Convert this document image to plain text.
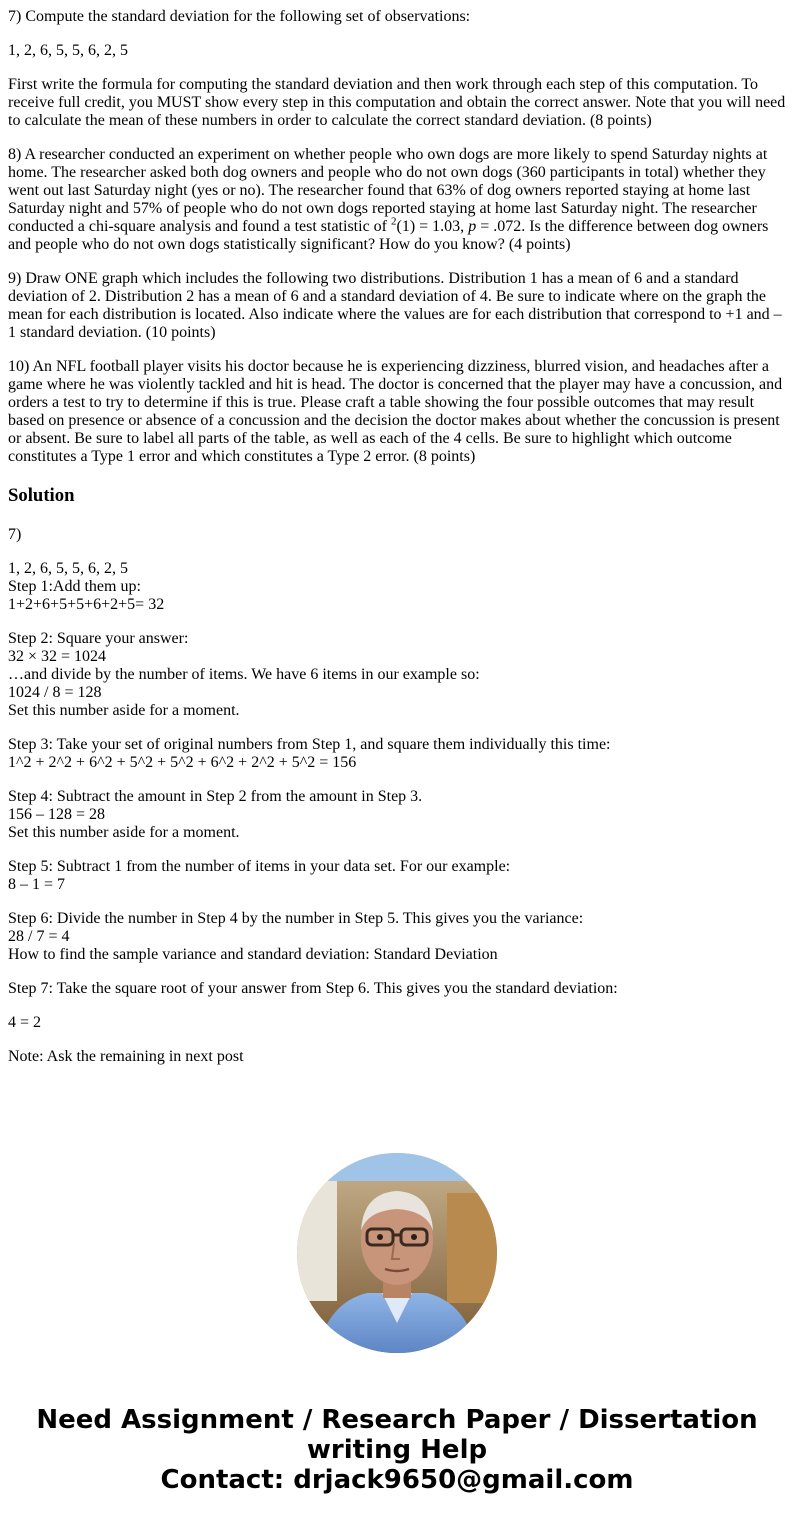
7) Compute the standard deviation for the following set of observations:

1, 2, 6, 5, 5, 6, 2, 5

First write the formula for computing the standard deviation and then work through each step of this computation. To receive full credit, you MUST show every step in this computation and obtain the correct answer. Note that you will need to calculate the mean of these numbers in order to calculate the correct standard deviation. (8 points)

8) A researcher conducted an experiment on whether people who own dogs are more likely to spend Saturday nights at home. The researcher asked both dog owners and people who do not own dogs (360 participants in total) whether they went out last Saturday night (yes or no). The researcher found that 63% of dog owners reported staying at home last Saturday night and 57% of people who do not own dogs reported staying at home last Saturday night. The researcher conducted a chi-square analysis and found a test statistic of $^2$(1) = 1.03, p = .072. Is the difference between dog owners and people who do not own dogs statistically significant? How do you know? (4 points)

9) Draw ONE graph which includes the following two distributions. Distribution 1 has a mean of 6 and a standard deviation of 2. Distribution 2 has a mean of 6 and a standard deviation of 4. Be sure to indicate where on the graph the mean for each distribution is located. Also indicate where the values are for each distribution that correspond to +1 and –1 standard deviation. (10 points)

10) An NFL football player visits his doctor because he is experiencing dizziness, blurred vision, and headaches after a game where he was violently tackled and hit is head. The doctor is concerned that the player may have a concussion, and orders a test to try to determine if this is true. Please craft a table showing the four possible outcomes that may result based on presence or absence of a concussion and the decision the doctor makes about whether the concussion is present or absent. Be sure to label all parts of the table, as well as each of the 4 cells. Be sure to highlight which outcome constitutes a Type 1 error and which constitutes a Type 2 error. (8 points)

Solution

7)

1, 2, 6, 5, 5, 6, 2, 5

Step 1:Add them up:

1+2+6+5+5+6+2+5= 32

Step 2: Square your answer:

32 × 32 = 1024

…and divide by the number of items. We have 6 items in our example so:

1024 / 8 = 128

Set this number aside for a moment.

Step 3: Take your set of original numbers from Step 1, and square them individually this time:

1^2 + 2^2 + 6^2 + 5^2 + 5^2 + 6^2 + 2^2 + 5^2 = 156

Step 4: Subtract the amount in Step 2 from the amount in Step 3.

156 – 128 = 28

Set this number aside for a moment.

Step 5: Subtract 1 from the number of items in your data set. For our example:

8 – 1 = 7

Step 6: Divide the number in Step 4 by the number in Step 5. This gives you the variance:

28 / 7 = 4

How to find the sample variance and standard deviation: Standard Deviation

Step 7: Take the square root of your answer from Step 6. This gives you the standard deviation:

4 = 2

Note: Ask the remaining in next post

Need Assignment / Research Paper / Dissertation
writing Help
Contact: drjack9650@gmail.com
